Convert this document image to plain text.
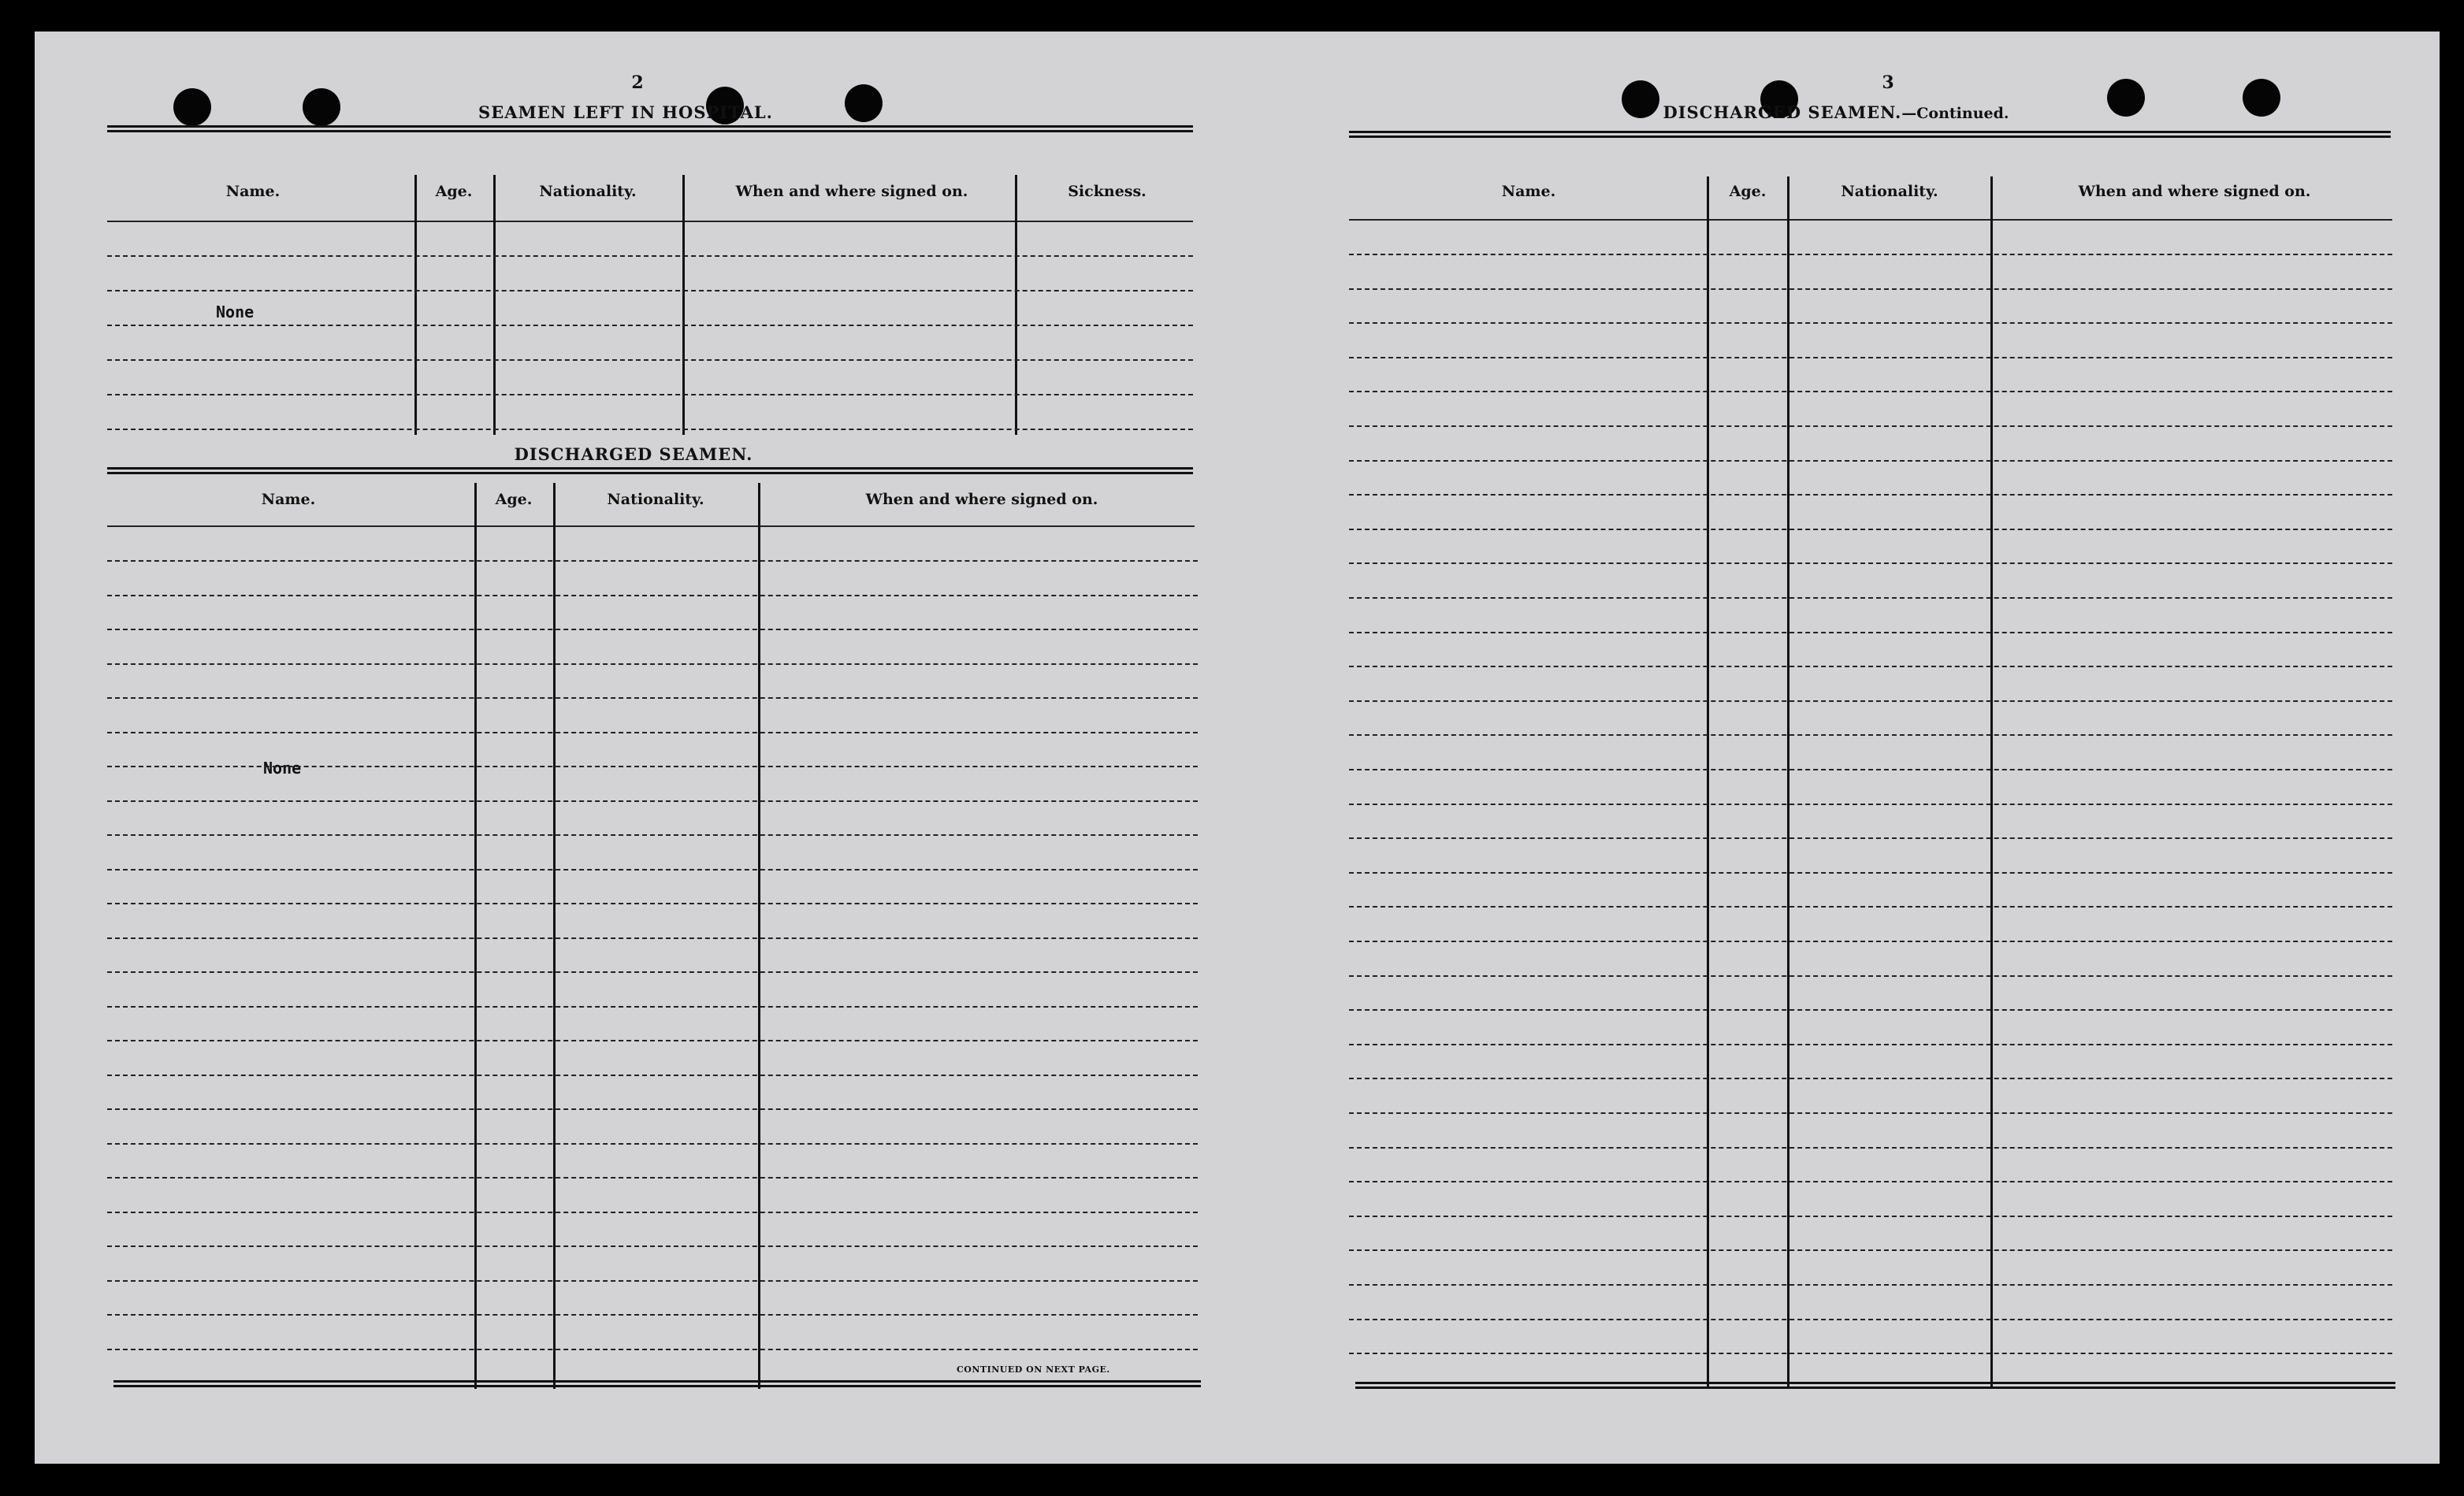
2
SEAMEN LEFT IN HOSPITAL.
Name.	Age.	Nationality.	When and where signed on.	Sickness.
None
DISCHARGED SEAMEN.
Name.	Age.	Nationality.	When and where signed on.
None
CONTINUED ON NEXT PAGE.
3
DISCHARGED SEAMEN.—Continued.
Name.	Age.	Nationality.	When and where signed on.
